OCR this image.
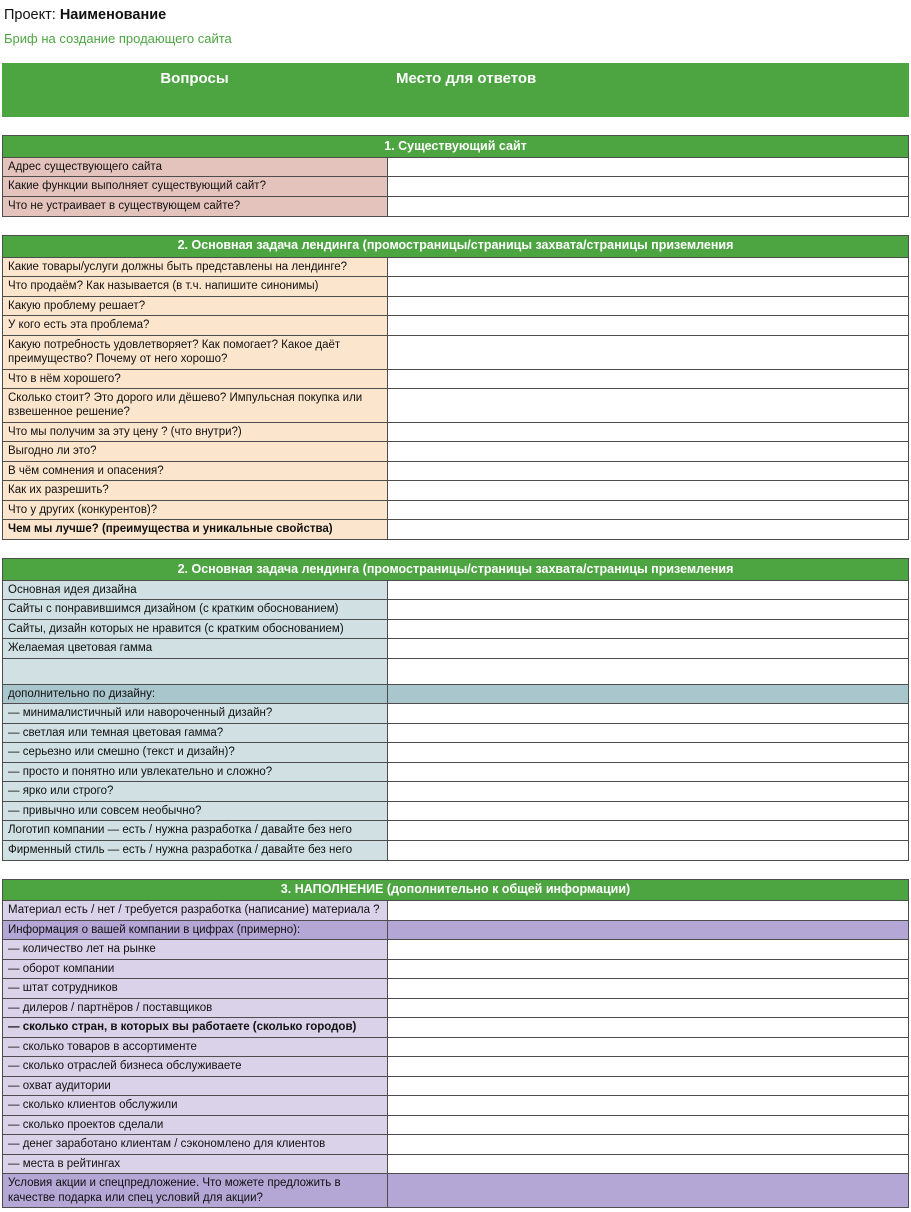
Проект: Наименование
Бриф на создание продающего сайта
Вопросы	Место для ответов
1. Существующий сайт
Адрес существующего сайта
Какие функции выполняет существующий сайт?
Что не устраивает в существующем сайте?
2. Основная задача лендинга (промостраницы/страницы захвата/страницы приземления
Какие товары/услуги должны быть представлены на лендинге?
Что продаём? Как называется (в т.ч. напишите синонимы)
Какую проблему решает?
У кого есть эта проблема?
Какую потребность удовлетворяет? Как помогает? Какое даёт преимущество? Почему от него хорошо?
Что в нём хорошего?
Сколько стоит? Это дорого или дёшево? Импульсная покупка или взвешенное решение?
Что мы получим за эту цену ? (что внутри?)
Выгодно ли это?
В чём сомнения и опасения?
Как их разрешить?
Что у других (конкурентов)?
Чем мы лучше? (преимущества и уникальные свойства)
2. Основная задача лендинга (промостраницы/страницы захвата/страницы приземления
Основная идея дизайна
Сайты с понравившимся дизайном (с кратким обоснованием)
Сайты, дизайн которых не нравится (с кратким обоснованием)
Желаемая цветовая гамма
дополнительно по дизайну:
— минималистичный или навороченный дизайн?
— светлая или темная цветовая гамма?
— серьезно или смешно (текст и дизайн)?
— просто и понятно или увлекательно и сложно?
— ярко или строго?
— привычно или совсем необычно?
Логотип компании — есть / нужна разработка / давайте без него
Фирменный стиль — есть / нужна разработка / давайте без него
3. НАПОЛНЕНИЕ (дополнительно к общей информации)
Материал есть / нет / требуется разработка (написание) материала ?
Информация о вашей компании в цифрах (примерно):
— количество лет на рынке
— оборот компании
— штат сотрудников
— дилеров / партнёров / поставщиков
— сколько стран, в которых вы работаете (сколько городов)
— сколько товаров в ассортименте
— сколько отраслей бизнеса обслуживаете
— охват аудитории
— сколько клиентов обслужили
— сколько проектов сделали
— денег заработано клиентам / сэкономлено для клиентов
— места в рейтингах
Условия акции и спецпредложение. Что можете предложить в качестве подарка или спец условий для акции?
